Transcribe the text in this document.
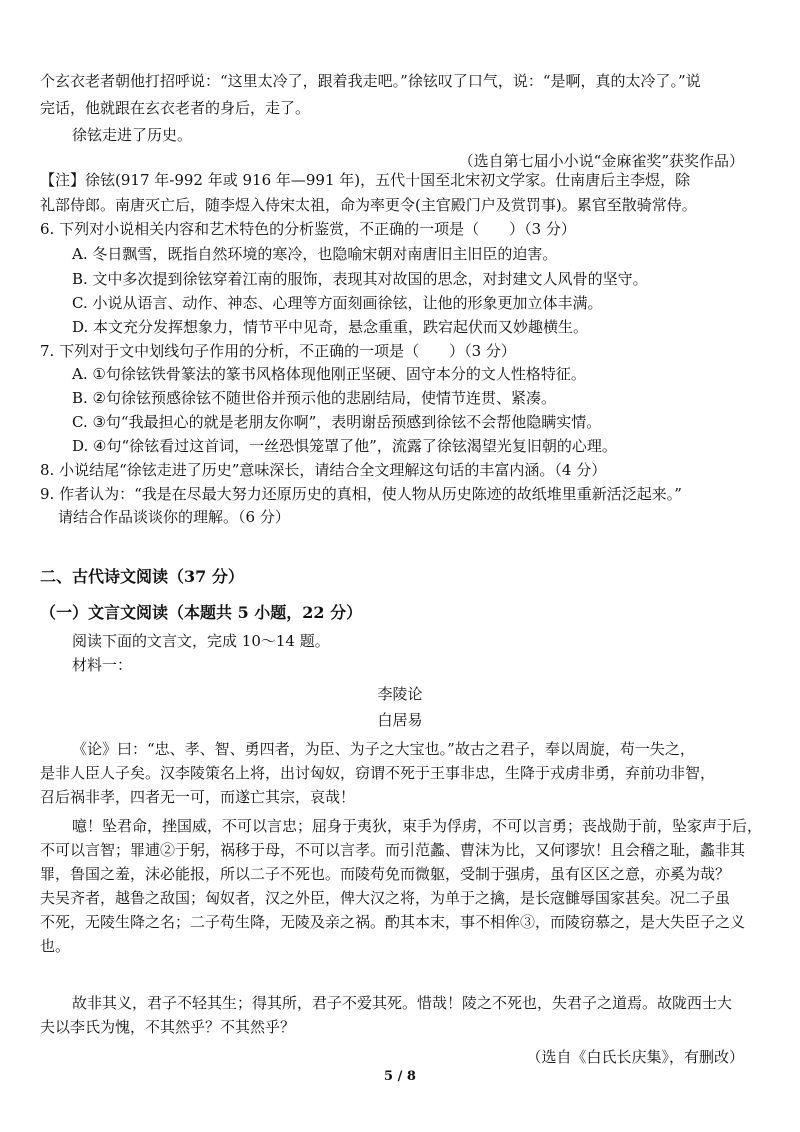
个玄衣老者朝他打招呼说：“这里太冷了，跟着我走吧。”徐铉叹了口气，说：“是啊，真的太冷了。”说
完话，他就跟在玄衣老者的身后，走了。
徐铉走进了历史。
（选自第七届小小说“金麻雀奖”获奖作品）
【注】徐铉(917 年-992 年或 916 年—991 年)，五代十国至北宋初文学家。仕南唐后主李煜，除
礼部侍郎。南唐灭亡后，随李煜入侍宋太祖，命为率更令(主官殿门户及赏罚事)。累官至散骑常侍。
6. 下列对小说相关内容和艺术特色的分析鉴赏，不正确的一项是（　　）（3 分）
A. 冬日飘雪，既指自然环境的寒冷，也隐喻宋朝对南唐旧主旧臣的迫害。
B. 文中多次提到徐铉穿着江南的服饰，表现其对故国的思念，对封建文人风骨的坚守。
C. 小说从语言、动作、神态、心理等方面刻画徐铉，让他的形象更加立体丰满。
D. 本文充分发挥想象力，情节平中见奇，悬念重重，跌宕起伏而又妙趣横生。
7. 下列对于文中划线句子作用的分析，不正确的一项是（　　）（3 分）
A. ①句徐铉铁骨篆法的篆书风格体现他刚正坚硬、固守本分的文人性格特征。
B. ②句徐铉预感徐铉不随世俗并预示他的悲剧结局，使情节连贯、紧凑。
C. ③句“我最担心的就是老朋友你啊”，表明谢岳预感到徐铉不会帮他隐瞒实情。
D. ④句“徐铉看过这首词，一丝恐惧笼罩了他”，流露了徐铉渴望光复旧朝的心理。
8. 小说结尾“徐铉走进了历史”意味深长，请结合全文理解这句话的丰富内涵。（4 分）
9. 作者认为：“我是在尽最大努力还原历史的真相，使人物从历史陈迹的故纸堆里重新活泛起来。”
请结合作品谈谈你的理解。（6 分）
二、古代诗文阅读（37 分）
（一）文言文阅读（本题共 5 小题，22 分）
阅读下面的文言文，完成 10～14 题。
材料一：
李陵论
白居易
《论》曰：“忠、孝、智、勇四者，为臣、为子之大宝也。”故古之君子，奉以周旋，苟一失之，
是非人臣人子矣。汉李陵策名上将，出讨匈奴，窃谓不死于王事非忠，生降于戎虏非勇，弃前功非智，
召后祸非孝，四者无一可，而遂亡其宗，哀哉！
噫！坠君命，挫国威，不可以言忠；屈身于夷狄，束手为俘虏，不可以言勇；丧战勋于前，坠家声于后，
不可以言智；罪逋②于躬，祸移于母，不可以言孝。而引范蠡、曹沫为比，又何谬欤！且会稽之耻，蠡非其
罪，鲁国之羞，沫必能报，所以二子不死也。而陵苟免而微躯，受制于强虏，虽有区区之意，亦奚为哉？
夫吴齐者，越鲁之敌国；匈奴者，汉之外臣，俾大汉之将，为单于之擒，是长寇雠辱国家甚矣。况二子虽
不死，无陵生降之名；二子苟生降，无陵及亲之祸。酌其本末，事不相侔③，而陵窃慕之，是大失臣子之义
也。
故非其义，君子不轻其生；得其所，君子不爱其死。惜哉！陵之不死也，失君子之道焉。故陇西士大
夫以李氏为愧，不其然乎？不其然乎？
（选自《白氏长庆集》，有删改）
5 / 8
